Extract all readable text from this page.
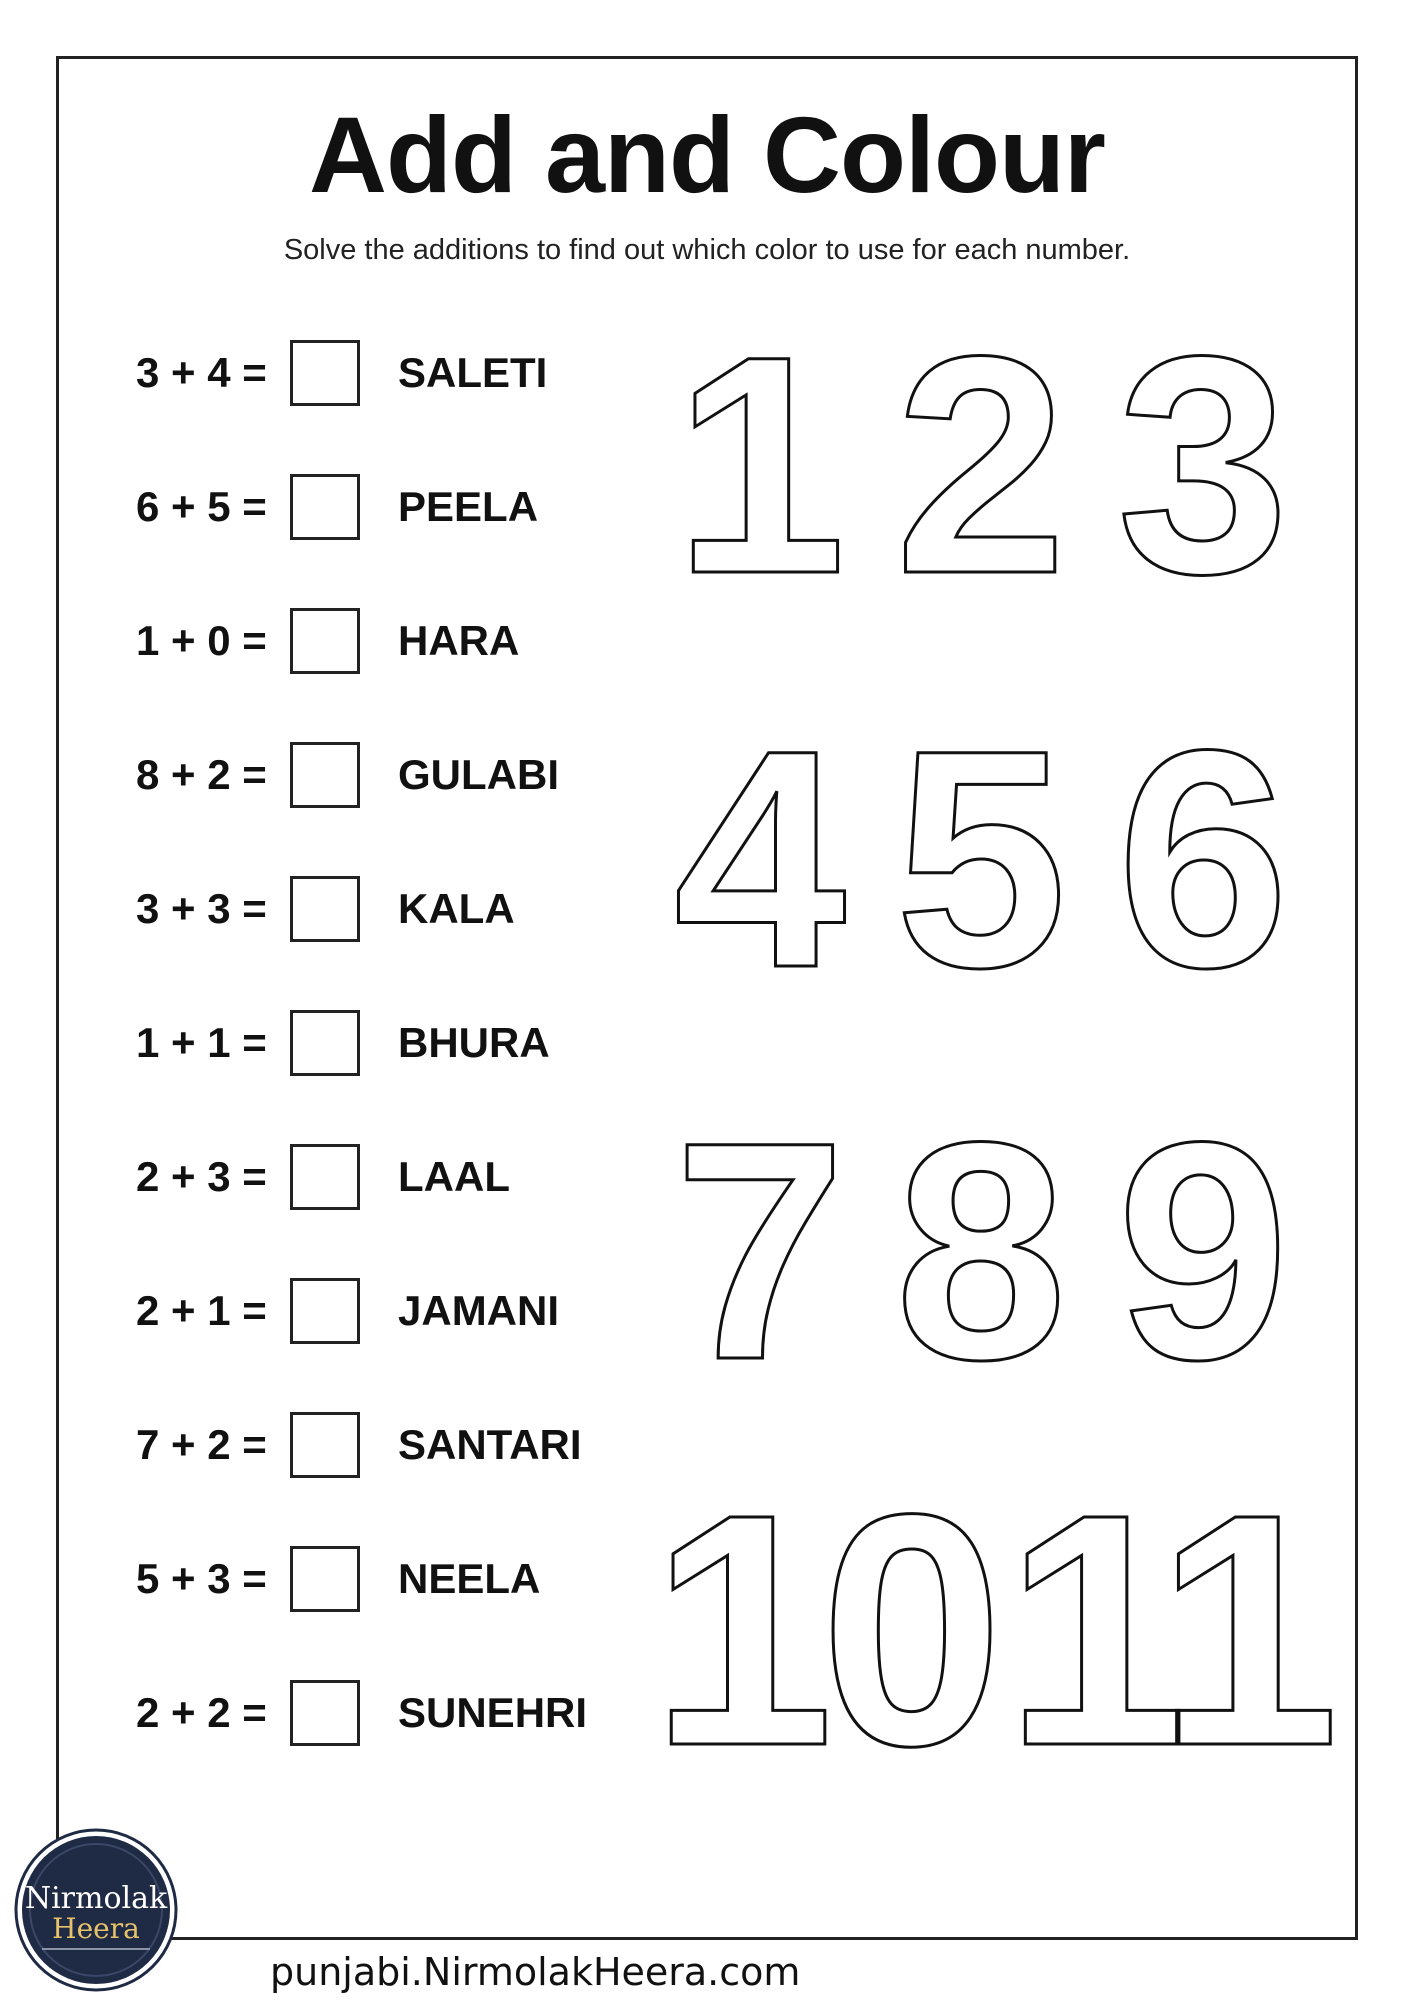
Add and Colour
Solve the additions to find out which color to use for each number.
3 + 4 =	SALETI
6 + 5 =	PEELA
1 + 0 =	HARA
8 + 2 =	GULABI
3 + 3 =	KALA
1 + 1 =	BHURA
2 + 3 =	LAAL
2 + 1 =	JAMANI
7 + 2 =	SANTARI
5 + 3 =	NEELA
2 + 2 =	SUNEHRI
1 2 3
4 5 6
7 8 9
10 11
Nirmolak
Heera
punjabi.NirmolakHeera.com
